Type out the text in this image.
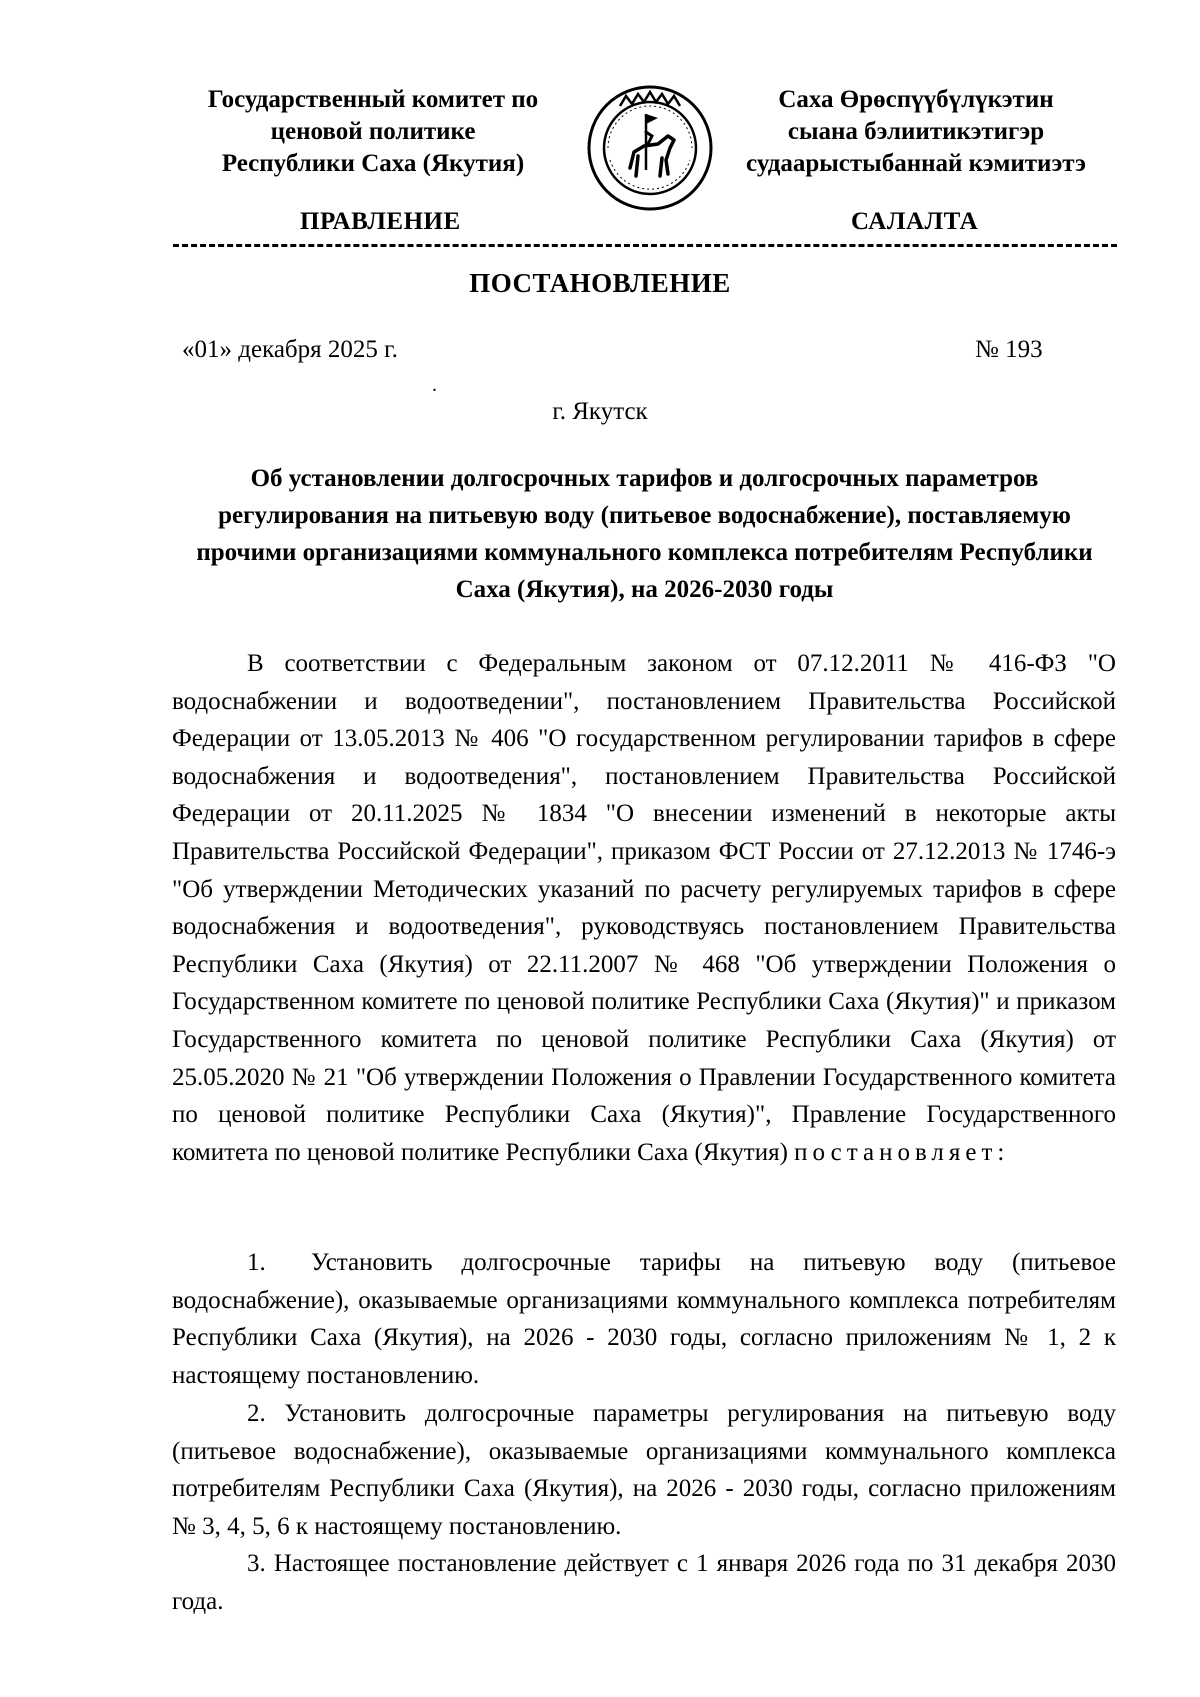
Государственный комитет по
ценовой политике
Республики Саха (Якутия)
Саха Өрөспүүбүлүкэтин
сыана бэлиитикэтигэр
судаарыстыбаннай кэмитиэтэ
ПРАВЛЕНИЕ	САЛАЛТА
ПОСТАНОВЛЕНИЕ
«01» декабря 2025 г.	№ 193
.
г. Якутск
Об установлении долгосрочных тарифов и долгосрочных параметров регулирования на питьевую воду (питьевое водоснабжение), поставляемую прочими организациями коммунального комплекса потребителям Республики Саха (Якутия), на 2026-2030 годы
В соответствии с Федеральным законом от 07.12.2011 № 416-ФЗ "О водоснабжении и водоотведении", постановлением Правительства Российской Федерации от 13.05.2013 № 406 "О государственном регулировании тарифов в сфере водоснабжения и водоотведения", постановлением Правительства Российской Федерации от 20.11.2025 № 1834 "О внесении изменений в некоторые акты Правительства Российской Федерации", приказом ФСТ России от 27.12.2013 № 1746-э "Об утверждении Методических указаний по расчету регулируемых тарифов в сфере водоснабжения и водоотведения", руководствуясь постановлением Правительства Республики Саха (Якутия) от 22.11.2007 № 468 "Об утверждении Положения о Государственном комитете по ценовой политике Республики Саха (Якутия)" и приказом Государственного комитета по ценовой политике Республики Саха (Якутия) от 25.05.2020 № 21 "Об утверждении Положения о Правлении Государственного комитета по ценовой политике Республики Саха (Якутия)", Правление Государственного комитета по ценовой политике Республики Саха (Якутия) постановляет:
1. Установить долгосрочные тарифы на питьевую воду (питьевое водоснабжение), оказываемые организациями коммунального комплекса потребителям Республики Саха (Якутия), на 2026 - 2030 годы, согласно приложениям № 1, 2 к настоящему постановлению.
2. Установить долгосрочные параметры регулирования на питьевую воду (питьевое водоснабжение), оказываемые организациями коммунального комплекса потребителям Республики Саха (Якутия), на 2026 - 2030 годы, согласно приложениям № 3, 4, 5, 6 к настоящему постановлению.
3. Настоящее постановление действует с 1 января 2026 года по 31 декабря 2030 года.
